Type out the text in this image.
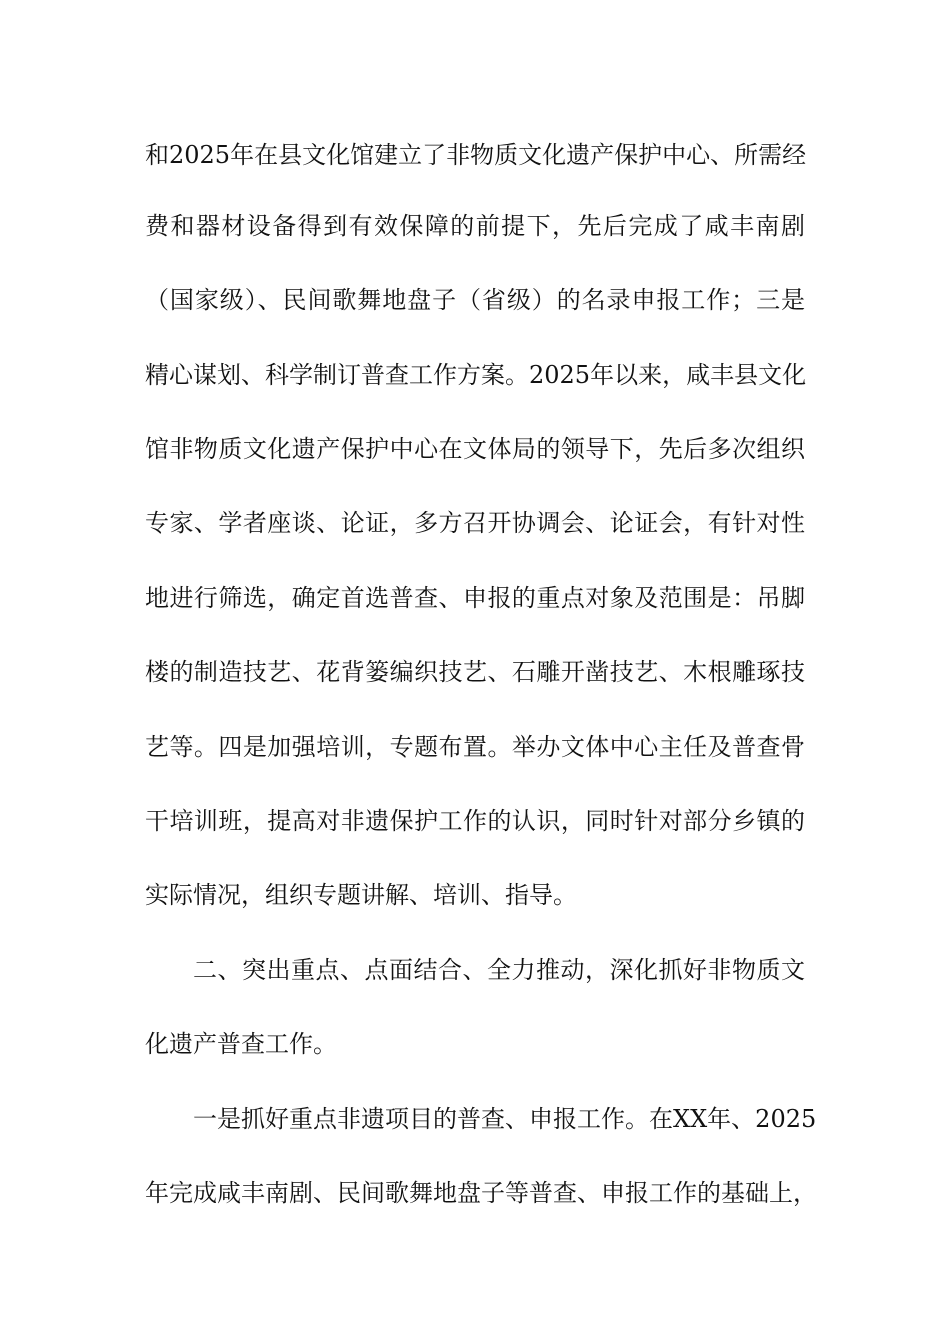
和2025年在县文化馆建立了非物质文化遗产保护中心、所需经
费和器材设备得到有效保障的前提下，先后完成了咸丰南剧
（国家级）、民间歌舞地盘子（省级）的名录申报工作；三是
精心谋划、科学制订普查工作方案。2025年以来，咸丰县文化
馆非物质文化遗产保护中心在文体局的领导下，先后多次组织
专家、学者座谈、论证，多方召开协调会、论证会，有针对性
地进行筛选，确定首选普查、申报的重点对象及范围是：吊脚
楼的制造技艺、花背篓编织技艺、石雕开凿技艺、木根雕琢技
艺等。四是加强培训，专题布置。举办文体中心主任及普查骨
干培训班，提高对非遗保护工作的认识，同时针对部分乡镇的
实际情况，组织专题讲解、培训、指导。
二、突出重点、点面结合、全力推动，深化抓好非物质文
化遗产普查工作。
一是抓好重点非遗项目的普查、申报工作。在XX年、2025
年完成咸丰南剧、民间歌舞地盘子等普查、申报工作的基础上，
